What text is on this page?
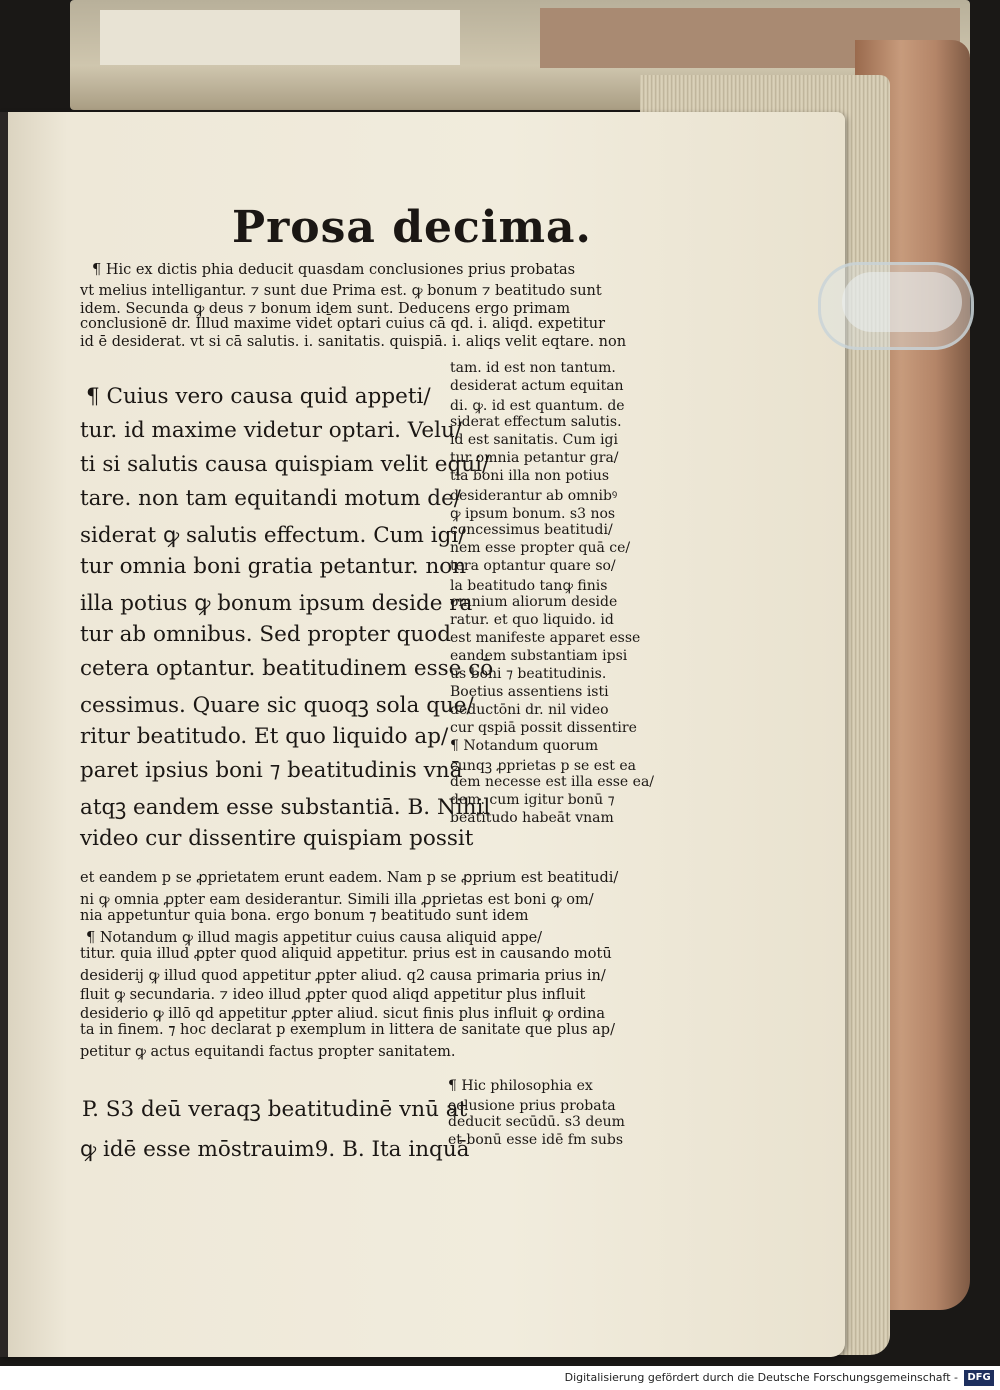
Prosa decima.
¶ Hic ex dictis phia deducit quasdam conclusiones prius probatas
vt melius intelligantur. ⁊ sunt due Prima est. ꝙ bonum ⁊ beatitudo sunt
idem. Secunda ꝙ deus ⁊ bonum idem sunt. Deducens ergo primam
conclusionē dr. Illud maxime videt̄ optari cuius cā qd. i. aliqd. expetitur
id ē desiderat. vt si cā salutis. i. sanitatis. quispiā. i. aliqs velit eqtare. non
¶ Cuius vero causa quid appeti/
tur. id maxime videtur optari. Velu/
ti si salutis causa quispiam velit equi/
tare. non tam equitandi motum de/
siderat ꝙ salutis effectum. Cum igi/
tur omnia boni gratia petantur. non
illa potius ꝙ bonum ipsum deside ra
tur ab omnibus. Sed propter quod
cetera optantur. beatitudinem esse cō
cessimus. Quare sic quoqꝫ sola que/
ritur beatitudo. Et quo liquido ap/
paret ipsius boni ⁊ beatitudinis vnā
atqꝫ eandem esse substantiā. B. Nihil
video cur dissentire quispiam possit
tam. id est non tantum.
desiderat actum equitan
di. ꝙ. id est quantum. de
siderat effectum salutis.
id est sanitatis. Cum igi
tur omnia petantur gra/
tia boni illa non potius
desiderantur ab omnibꝰ
ꝙ ipsum bonum. s3 nos
concessimus beatitudi/
nem esse propter quā ce/
tera optantur quare so/
la beatitudo tanꝙ finis
omnium aliorum deside
ratur. et quo liquido. id
est manifeste apparet esse
eandem substantiam ipsi
us boni ⁊ beatitudinis.
Boetius assentiens isti
deductōni dr. nil video
cur qspiā possit dissentire
¶ Notandum quorum
cunqꝫ ꝓprietas p se est ea
dem necesse est illa esse ea/
dem. cum igitur bonū ⁊
beatitudo habeāt vnam
et eandem p se ꝓprietatem erunt eadem. Nam p se ꝓprium est beatitudi/
ni ꝙ omnia ꝓpter eam desiderantur. Simili illa ꝓprietas est boni ꝙ om/
nia appetuntur quia bona. ergo bonum ⁊ beatitudo sunt idem
¶ Notandum ꝙ illud magis appetitur cuius causa aliquid appe/
titur. quia illud ꝓpter quod aliquid appetitur. prius est in causando motū
desiderij ꝙ illud quod appetitur ꝓpter aliud. q2 causa primaria prius in/
fluit ꝙ secundaria. ⁊ ideo illud ꝓpter quod aliqd appetitur plus influit
desiderio ꝙ illō qd appetitur ꝓpter aliud. sicut finis plus influit ꝙ ordina
ta in finem. ⁊ hoc declarat p exemplum in littera de sanitate que plus ap/
petitur ꝙ actus equitandi factus propter sanitatem.
P. S3 deū veraqꝫ beatitudinē vnū at
ꝙ idē esse mōstrauim9. B. Ita inquā
¶ Hic philosophia ex
ꝯclusione prius probata
deducit secūdū. s3 deum
et bonū esse idē fm subs
Digitalisierung gefördert durch die Deutsche Forschungsgemeinschaft - DFG
